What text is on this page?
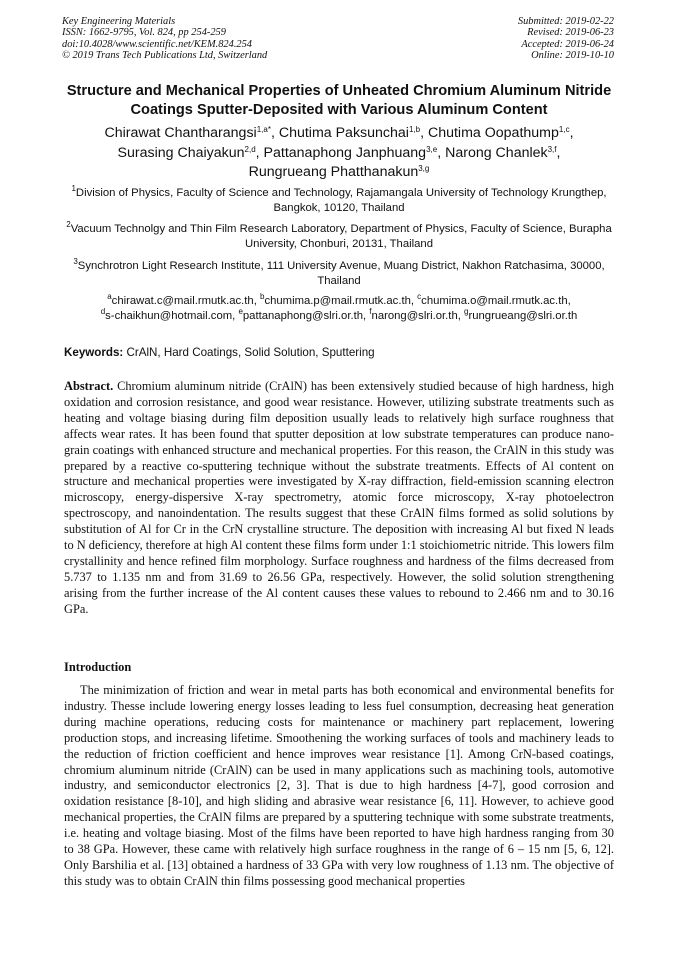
Key Engineering Materials
ISSN: 1662-9795, Vol. 824, pp 254-259
doi:10.4028/www.scientific.net/KEM.824.254
© 2019 Trans Tech Publications Ltd, Switzerland
Submitted: 2019-02-22
Revised: 2019-06-23
Accepted: 2019-06-24
Online: 2019-10-10
Structure and Mechanical Properties of Unheated Chromium Aluminum Nitride Coatings Sputter-Deposited with Various Aluminum Content
Chirawat Chantharangsi$^{1,a*}$, Chutima Paksunchai$^{1,b}$, Chutima Oopathump$^{1,c}$,
Surasing Chaiyakun$^{2,d}$, Pattanaphong Janphuang$^{3,e}$, Narong Chanlek$^{3,f}$,
Rungrueang Phatthanakun$^{3,g}$
$^1$Division of Physics, Faculty of Science and Technology, Rajamangala University of Technology Krungthep, Bangkok, 10120, Thailand
$^2$Vacuum Technolgy and Thin Film Research Laboratory, Department of Physics, Faculty of Science, Burapha University, Chonburi, 20131, Thailand
$^3$Synchrotron Light Research Institute, 111 University Avenue, Muang District, Nakhon Ratchasima, 30000, Thailand
$^a$chirawat.c@mail.rmutk.ac.th, $^b$chumima.p@mail.rmutk.ac.th, $^c$chumima.o@mail.rmutk.ac.th,
$^d$s-chaikhun@hotmail.com, $^e$pattanaphong@slri.or.th, $^f$narong@slri.or.th, $^g$rungrueang@slri.or.th
Keywords: CrAlN, Hard Coatings, Solid Solution, Sputtering
Abstract. Chromium aluminum nitride (CrAlN) has been extensively studied because of high hardness, high oxidation and corrosion resistance, and good wear resistance. However, utilizing substrate treatments such as heating and voltage biasing during film deposition usually leads to relatively high surface roughness that affects wear rates. It has been found that sputter deposition at low substrate temperatures can produce nano-grain coatings with enhanced structure and mechanical properties. For this reason, the CrAlN in this study was prepared by a reactive co-sputtering technique without the substrate treatments. Effects of Al content on structure and mechanical properties were investigated by X-ray diffraction, field-emission scanning electron microscopy, energy-dispersive X-ray spectrometry, atomic force microscopy, X-ray photoelectron spectroscopy, and nanoindentation. The results suggest that these CrAlN films formed as solid solutions by substitution of Al for Cr in the CrN crystalline structure. The deposition with increasing Al but fixed N leads to N deficiency, therefore at high Al content these films form under 1:1 stoichiometric nitride. This lowers film crystallinity and hence refined film morphology. Surface roughness and hardness of the films decreased from 5.737 to 1.135 nm and from 31.69 to 26.56 GPa, respectively. However, the solid solution strengthening arising from the further increase of the Al content causes these values to rebound to 2.466 nm and to 30.16 GPa.
Introduction
The minimization of friction and wear in metal parts has both economical and environmental benefits for industry. Thesse include lowering energy losses leading to less fuel consumption, decreasing heat generation during machine operations, reducing costs for maintenance or machinery part replacement, lowering production stops, and increasing lifetime. Smoothening the working surfaces of tools and machinery leads to the reduction of friction coefficient and hence improves wear resistance [1]. Among CrN-based coatings, chromium aluminum nitride (CrAlN) can be used in many applications such as machining tools, automotive industry, and semiconductor electronics [2, 3]. That is due to high hardness [4-7], good corrosion and oxidation resistance [8-10], and high sliding and abrasive wear resistance [6, 11]. However, to achieve good mechanical properties, the CrAlN films are prepared by a sputtering technique with some substrate treatments, i.e. heating and voltage biasing. Most of the films have been reported to have high hardness ranging from 30 to 38 GPa. However, these came with relatively high surface roughness in the range of 6 – 15 nm [5, 6, 12]. Only Barshilia et al. [13] obtained a hardness of 33 GPa with very low roughness of 1.13 nm. The objective of this study was to obtain CrAlN thin films possessing good mechanical properties
